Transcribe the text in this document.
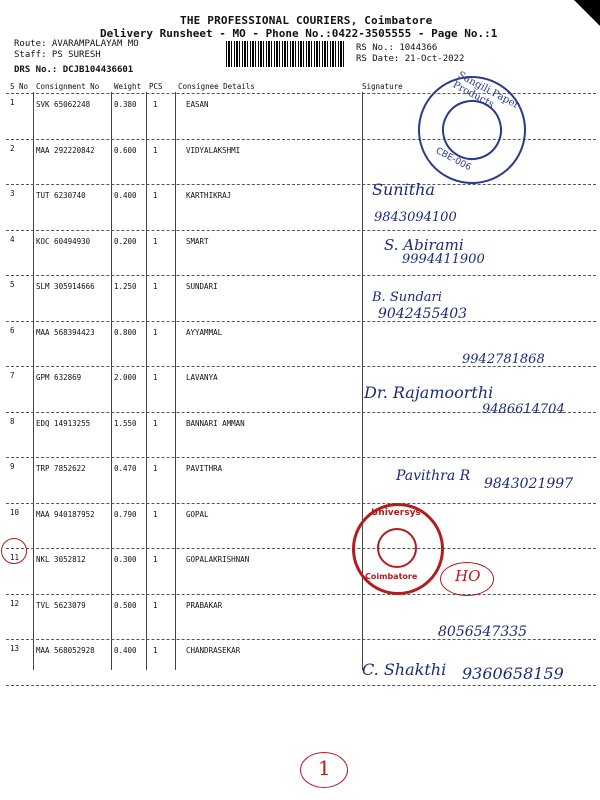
THE PROFESSIONAL COURIERS, Coimbatore
Delivery Runsheet - MO - Phone No.:0422-3505555 - Page No.:1
Route: AVARAMPALAYAM MO
Staff: PS SURESH
DRS No.: DCJB104436601
RS No.: 1044366
RS Date: 21-Oct-2022
S No Consignment No Weight PCS Consignee Details	Signature
1	SVK 65062248	0.380 1	EASAN
2	MAA 292220842	0.600 1	VIDYALAKSHMI
3	TUT 6230740	0.400 1	KARTHIKRAJ
4	KOC 60494930	0.200 1	SMART
5	SLM 305914666	1.250 1	SUNDARI
6	MAA 568394423	0.800 1	AYYAMMAL
7	GPM 632869	2.000 1	LAVANYA
8	EDQ 14913255	1.550 1	BANNARI AMMAN
9	TRP 7852622	0.470 1	PAVITHRA
10 MAA 940187952	0.790 1	GOPAL
11 NKL 3052812	0.300 1	GOPALAKRISHNAN
12 TVL 5623079	0.500 1	PRABAKAR
13 MAA 568052928	0.400 1	CHANDRASEKAR
Sangili Paper Products
CBE-006
Universys
Coimbatore	HO
1
Sunitha
9843094100
S. Abirami
9994411900
B. Sundari
9042455403
9942781868
Dr. Rajamoorthi
9486614704
Pavithra R 9843021997
8056547335
C. Shakthi 9360658159
